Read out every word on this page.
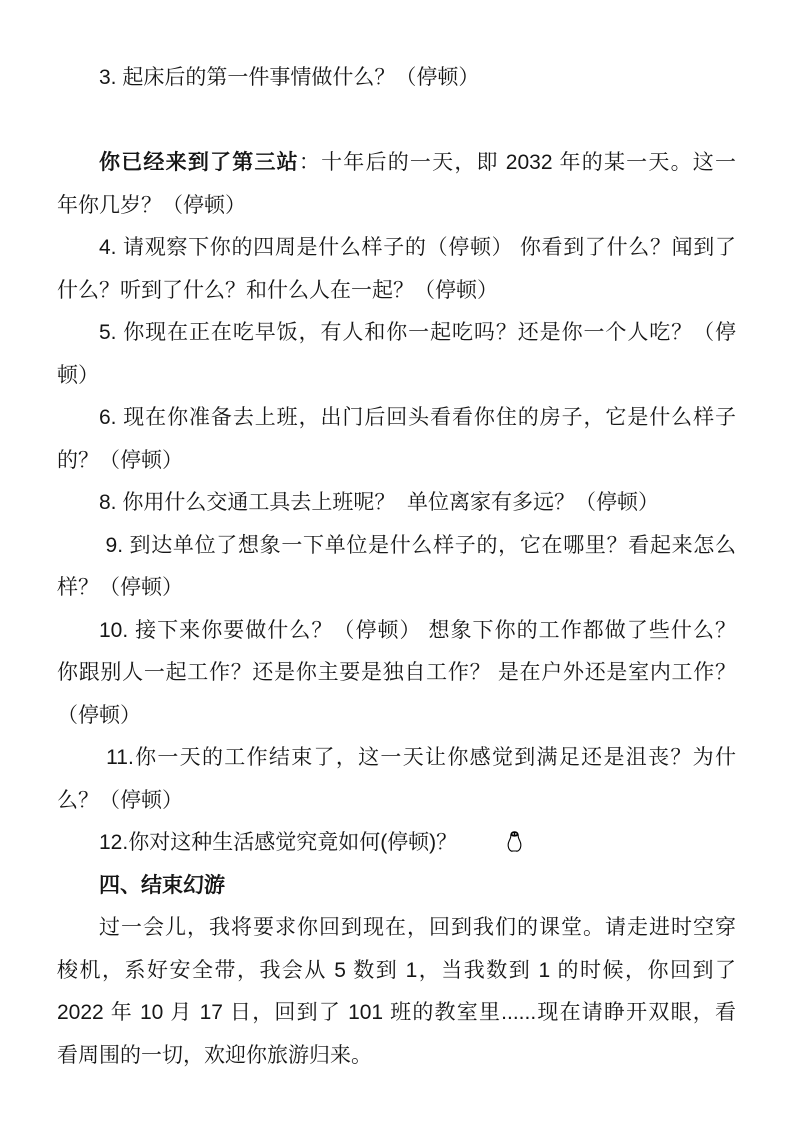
3. 起床后的第一件事情做什么？（停顿）
你已经来到了第三站：十年后的一天，即 2032 年的某一天。这一
年你几岁？（停顿）
4. 请观察下你的四周是什么样子的（停顿） 你看到了什么？闻到了
什么？听到了什么？和什么人在一起？（停顿）
5. 你现在正在吃早饭，有人和你一起吃吗？还是你一个人吃？（停
顿）
6. 现在你准备去上班，出门后回头看看你住的房子，它是什么样子
的？（停顿）
8. 你用什么交通工具去上班呢？  单位离家有多远？（停顿）
9. 到达单位了想象一下单位是什么样子的，它在哪里？看起来怎么
样？（停顿）
10. 接下来你要做什么？（停顿） 想象下你的工作都做了些什么？
你跟别人一起工作？还是你主要是独自工作？ 是在户外还是室内工作？
（停顿）
11.你一天的工作结束了，这一天让你感觉到满足还是沮丧？为什
么？（停顿）
12.你对这种生活感觉究竟如何(停顿)？
四、结束幻游
过一会儿，我将要求你回到现在，回到我们的课堂。请走进时空穿
梭机，系好安全带，我会从 5 数到 1，当我数到 1 的时候，你回到了
2022 年 10 月 17 日，回到了 101 班的教室里......现在请睁开双眼，看
看周围的一切，欢迎你旅游归来。
